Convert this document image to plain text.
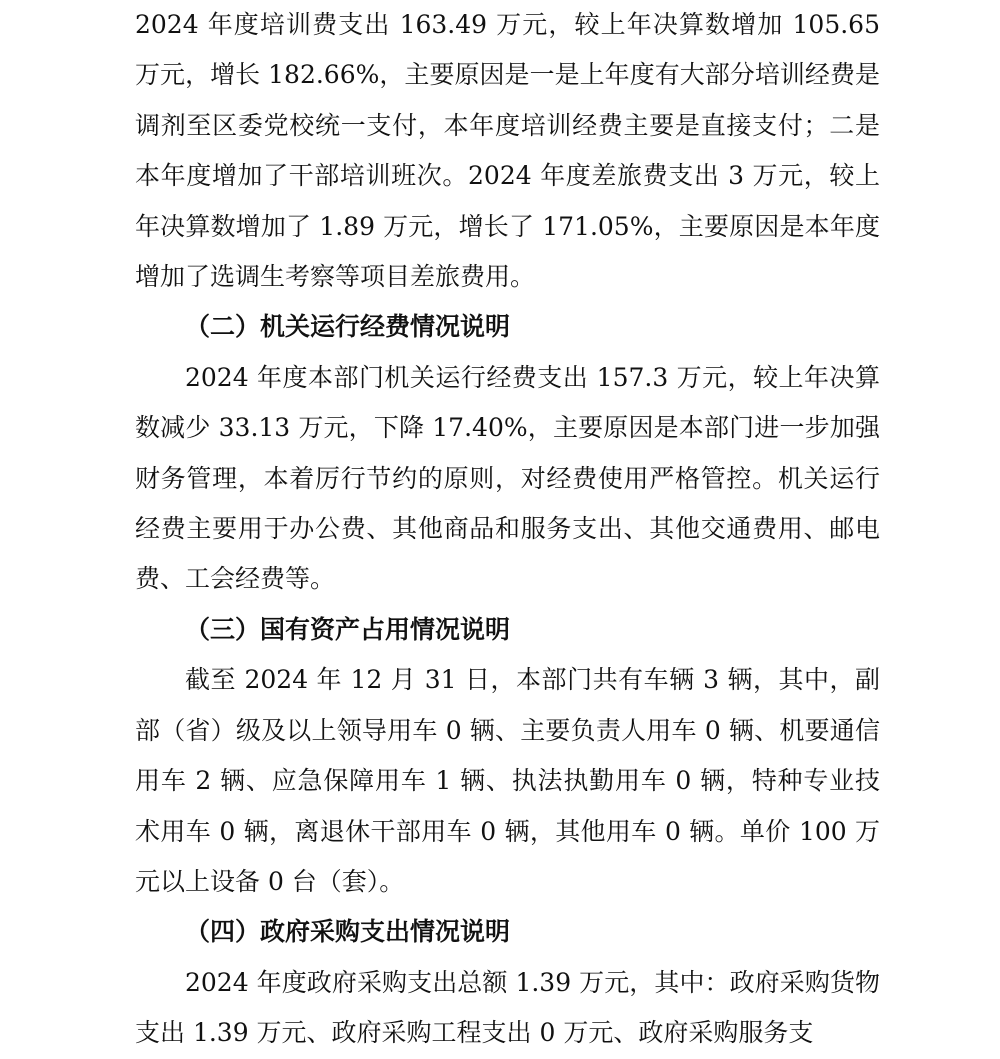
2024 年度培训费支出 163.49 万元，较上年决算数增加 105.65 万元，增长 182.66%，主要原因是一是上年度有大部分培训经费是调剂至区委党校统一支付，本年度培训经费主要是直接支付；二是本年度增加了干部培训班次。2024 年度差旅费支出 3 万元，较上年决算数增加了 1.89 万元，增长了 171.05%，主要原因是本年度增加了选调生考察等项目差旅费用。

（二）机关运行经费情况说明

2024 年度本部门机关运行经费支出 157.3 万元，较上年决算数减少 33.13 万元，下降 17.40%，主要原因是本部门进一步加强财务管理，本着厉行节约的原则，对经费使用严格管控。机关运行经费主要用于办公费、其他商品和服务支出、其他交通费用、邮电费、工会经费等。

（三）国有资产占用情况说明

截至 2024 年 12 月 31 日，本部门共有车辆 3 辆，其中，副部（省）级及以上领导用车 0 辆、主要负责人用车 0 辆、机要通信用车 2 辆、应急保障用车 1 辆、执法执勤用车 0 辆，特种专业技术用车 0 辆，离退休干部用车 0 辆，其他用车 0 辆。单价 100 万元以上设备 0 台（套）。

（四）政府采购支出情况说明

2024 年度政府采购支出总额 1.39 万元，其中：政府采购货物支出 1.39 万元、政府采购工程支出 0 万元、政府采购服务支
